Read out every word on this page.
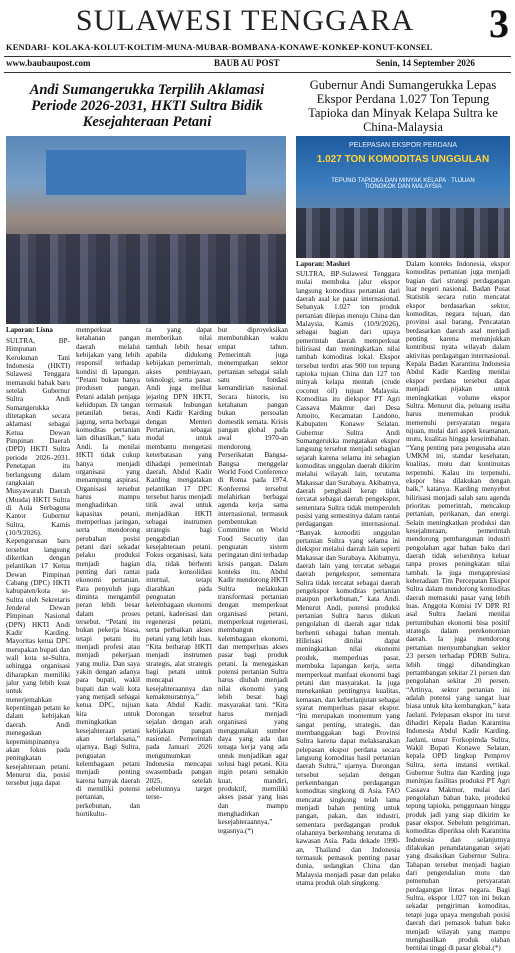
SULAWESI TENGGARA	3
KENDARI- KOLAKA-KOLUT-KOLTIM-MUNA-MUBAR-BOMBANA-KONAWE-KONKEP-KONUT-KONSEL
www.baubaupost.com	BAUB AU POST	Senin, 14 September 2026
Andi Sumangerukka Terpilih Aklamasi Periode 2026-2031, HKTI Sultra Bidik Kesejahteraan Petani
Laporan: Lisna
SULTRA, BP- Himpunan Kerukunan Tani Indonesia (HKTI) Sulawesi Tenggara memasuki babak baru setelah Gubernur Sultra Andi Sumangerukka ditetapkan secara aklamasi sebagai Ketua Dewan Pimpinan Daerah (DPD) HKTI Sultra periode 2026–2031. Penetapan itu berlangsung dalam rangkaian Musyawarah Daerah (Musda) HKTI Sultra di Aula Serbaguna Kantor Gubernur Sultra, Kamis (10/9/2026). Kepengurusan baru tersebut langsung dikerikan dengan pelantikan 17 Ketua Dewan Pimpinan Cabang (DPC) HKTI kabupaten/kota se-Sultra oleh Sekretaris Jenderal Dewan Pimpinan Nasional (DPN) HKTI Andi Kadir Karding. Mayoritas ketua DPC merupakan bupati dan wali kota se-Sultra, sehingga organisasi diharapkan memiliki jalur yang lebih kuat untuk menerjemahkan kepentingan petani ke dalam kebijakan daerah. Andi menegaskan kepemimpinannya akan fokus pada peningkatan kesejahteraan petani. Menurut dia, posisi tersebut juga dapat
memperkuat ketahanan pangan daerah melalui kebijakan yang lebih responsif terhadap kondisi di lapangan. “Petani bukan hanya produsen pangan. Petani adalah penjaga kehidupan. Di tangan petanilah beras, jagung, serta berbagai komoditas pertanian lain dihasilkan,” kata Andi. Ia menilai HKTI tidak cukup hanya menjadi organisasi yang menampung aspirasi. Organisasi tersebut harus mampu menghadirkan kapasitas petani, memperluas jaringan, serta mendorong perubahan posisi petani dari sekadar pelaku produksi menjadi bagian penting dari rantai ekonomi pertanian. Para penyuluh juga diminta mengambil peran lebih besar dalam proses tersebut. “Petani itu bukan pekerja biasa, tetapi petani itu menjadi profesi atau menjadi pekerjaan yang mulia. Dan saya yakin dengan adanya para bupati, wakil bupati dan wali kota yang menjadi sebagai ketua DPC, tujuan kita untuk meningkatkan kesejahteraan petani akan terlaksana,” ujarnya. Bagi Sultra, penguatan kelembagaan petani menjadi penting karena banyak daerah di memiliki potensi pertanian, perkebunan, dan hortikultu-
ra yang dapat memberikan nilai tambah lebih besar apabila didukung kebijakan pemerintah, akses pembiayaan, teknologi, serta pasar. Andi juga melihat jejaring DPN HKTI, termasuk hubungan Andi Kadir Karding dengan Menteri Pertanian, sebagai modal untuk membantu mengetasi keterbatasan yang dihadapi pemerintah daerah. Abdul Kadir Karding mengatakan pelantikan 17 DPC tersebut harus menjadi titik awal untuk menjadikan HKTI sebagai instrumen strategis bagi pengabdian kesejahteraan petani. Fokus organisasi, kata dia, tidak berhenti pada konsolidasi internal, tetapi diarahkan pada penguatan kelembagaan ekonomi petani, kaderisasi dan regenerasi petani, serta perbaikan akses petani yang lebih luas. “Kita berharap HKTI menjadi instrumen strategis, alat strategis bagi petani untuk mencapai kesejahteraannya dan kemakmurannya,” kata Abdul Kadir. Dorongan tersebut sejalan dengan arah kebijakan pangan nasional. Pemerintah pada Januari 2026 mengumumkan Indonesia mencapai swasembada pangan 2025, setelah sebelumnya target terse-
but diproyeksikan membutuhkan waktu empat tahun. Pemerintah juga menempatkan sektor pertanian sebagai salah satu fondasi kemandirian nasional. Secara historis, isu ketahanan pangan bukan persoalan domestik semata. Krisis pangan global pada awal 1970-an mendorong Perserikatan Bangsa-Bangsa menggelar World Food Conference di Roma pada 1974. Konferensi tersebut melahirkan berbagai agenda kerja sama internasional, termasuk pembentukan Committee on World Food Security dan penguatan sistem peringatan dini terhadap krisis pangan. Dalam konteks itu, Abdul Kadir mendorong HKTI Sultra melakukan transformasi pertanian dengan memperkuat organisasi petani, memperkuat regenerasi, membangun kelembagaan ekonomi, dan memperluas akses pasar bagi produk petani. Ia menegaskan potensi pertanian Sultra harus diubah menjadi nilai ekonomi yang lebih besar bagi masyarakat tani. “Kita harus menjadi organisasi yang menggunakan sumber daya yang ada dan tenaga kerja yang ada untuk menjadikan agar solusi bagi petani. Kita ingin petani semakin kuat, mandiri, produktif, memiliki akses pasar yang luas dan mampu menghadirkan kesejahteraannya,” tegasnya.(*)
Gubernur Andi Sumangerukka Lepas Ekspor Perdana 1.027 Ton Tepung Tapioka dan Minyak Kelapa Sultra ke China-Malaysia
PELEPASAN EKSPOR PERDANA
1.027 TON KOMODITAS UNGGULAN
TEPUNG TAPIOKA DAN MINYAK KELAPA · TUJUAN TIONGKOK DAN MALAYSIA
Laporan: Masluri
SULTRA, BP-Sulawesi Tenggara mulai membuka jalur ekspor langsung komoditas pertanian dari daerah asal ke pasar internasional. Sebanyak 1.027 ton produk pertanian dilepas menuju China dan Malaysia, Kamis (10/9/2026), sebagai bagian dari upaya pemerintah daerah memperkuat hilirisasi dan meningkatkan nilai tambah komoditas lokal. Ekspor tersebut terdiri atas 900 ton tepung tapioka tujuan China dan 127 ton minyak kelapa mentah (crude coconut oil) tujuan Malaysia. Komoditas itu diekspor PT Agri Cassava Makmur dari Desa Amoito, Kecamatan Landono, Kabupaten Konawe Selatan. Gubernur Sultra Andi Sumangerukka mengatakan ekspor langsung tersebut menjadi sebagian sejarah karena selama ini sebagian komoditas unggulan daerah dikirim melalui wilayah lain, terutama Makassar dan Surabaya. Akibatnya, daerah penghasil kerap tidak tercatat sebagai daerah pengekspor, sementara Sultra tidak memperoleh posisi yang semestinya dalam rantai perdagangan internasional. “Banyak komoditi unggulan pertanian Sultra yang selama ini diekspor melalui daerah lain seperti Makassar dan Surabaya. Akibatnya, daerah lain yang tercatat sebagai daerah pengekspor, sementara Sultra tidak tercatat sebagai daerah pengekspor komoditas pertanian maupun perkebunan,” kata Andi. Menurut Andi, potensi produksi pertanian Sultra harus diikuti pengolahan di daerah agar tidak berhenti sebagai bahan mentah. Hilirisasi dinilai dapat meningkatkan nilai ekonomi produk, memperluas pasar, membuka lapangan kerja, serta memperkuat manfaat ekonomi bagi petani dan masyarakat. Ia juga menekankan pentingnya kualitas, kemasan, dan keberlanjutan sebagai syarat memperluas pasar ekspor. “Ini merupakan momentum yang sangat penting, strategis, dan membanggakan bagi Provinsi Sultra karena dapat melaksanakan pelepasan ekspor perdana secara langsung komoditas hasil pertanian daerah Sultra,” ujarnya. Dorongan tersebut sejalan dengan perkembangan perdagangan komoditas singkong di Asia. FAO mencatat singkong telah lama menjadi bahan penting untuk pangan, pakan, dan industri, sementara perdagangan produk olahannya berkembang terutama di kawasan Asia. Pada dekade 1990-an, Thailand dan Indonesia termasuk pemasok penting pasar dunia, sedangkan China dan Malaysia menjadi pasar dan pelaku utama produk olah singkong.
Dalam konteks Indonesia, ekspor komoditas pertanian juga menjadi bagian dari strategi perdagangan luar negeri nasional. Badan Pusat Statistik secara rutin mencatat ekspor berdasarkan sektor, komoditas, negara tujuan, dan provinsi asal barang. Pencatatan berdasarkan daerah asal menjadi penting karena menunjukkan kontribusi nyata wilayah dalam aktivitas perdagangan internasional. Kepala Badan Karantina Indonesia Abdul Kadir Karding menilai ekspor perdana tersebut dapat menjadi pijakan untuk meningkatkan volume ekspor Sultra. Menurut dia, peluang usaha harus menemukan produk memenuhi persyaratan negara tujuan, mulai dari aspek keamanan, mutu, kualitas hingga keseimbahan. “Yang penting para pengusaha atau UMKM ini, standar kesehatan, kualitas, mutu dan kontinuitas terpenuhi. Kalau itu terpenuhi, ekspor bisa dilakukan dengan baik,” katanya. Karding menyebut hilirisasi menjadi salah satu agenda prioritas pemerintah, mencakup pertanian, perikanan, dan energi. Selain meningkatkan produksi dan kesejahteraan, pemerintah mendorong pembangunan industri pengolahan agar bahan baku dari daerah tidak seluruhnya keluar tanpa proses peningkatan nilai tambah. Ia juga mengapresiasi keberadaan Tim Percepatan Ekspor Sultra dalam mendorong komoditas daerah memasuki pasar yang lebih luas. Anggota Komisi IV DPR RI asal Sultra Jaelani menilai pertumbuhan ekonomi bisa positif strategis dalam perekonomian daerah. Ia juga mendorong pertanian menyumbangkan sektor 23 persen terhadap PDRB Sultra, lebih tinggi dibandingkan pertambangan sekitar 21 persen dan pengolahan sekitar 20 persen. “Artinya, sektor pertanian ini adalah potensi yang sangat luar biasa untuk kita kembangkan,” kata Jaelani. Pelepasan ekspor itu turut dihadiri Kepala Badan Karantina Indonesia Abdul Kadir Karding, Jaelani, unsur Forkopimda Sultra, Wakil Bupati Konawe Selatan, kepala OPD lingkup Pemprov Sultra, serta instansi vertikal. Gubernur Sultra dan Karding juga meninjau fasilitas produksi PT Agri Cassava Makmur, mulai dari pengolahan bahan baku, produksi tepung tapioka, penggunaan hingga produk jadi yang siap dikirim ke pasar ekspor. Sebelum pengiriman, komoditas diperiksa oleh Karantina Indonesia dan selanjutnya dilakukan penandatanganan sejati yang disaksikan Gubernur Sultra. Tahapan tersebut menjadi bagian dari pengendalian mutu dan pemenuhan persyaratan perdagangan lintas negara. Bagi Sultra, ekspor 1.027 ton ini bukan sekadar pengiriman komoditas, tetapi juga upaya mengubah posisi daerah dari pemasok bahan baku menjadi wilayah yang mampu menghasilkan produk olahan bernilai tinggi di pasar global.(*)
